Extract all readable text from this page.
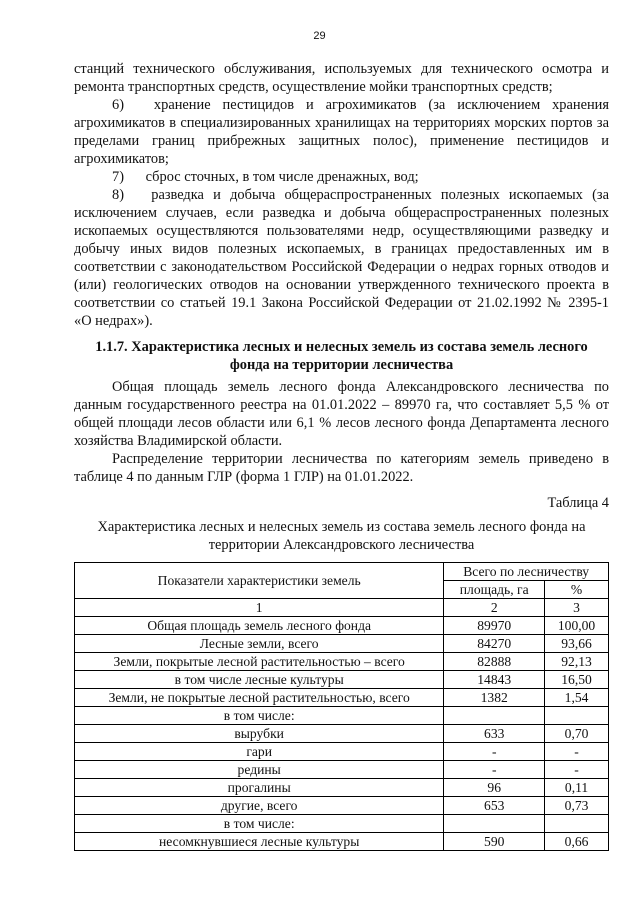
29

станций технического обслуживания, используемых для технического осмотра и ремонта транспортных средств, осуществление мойки транспортных средств;

6) хранение пестицидов и агрохимикатов (за исключением хранения агрохимикатов в специализированных хранилищах на территориях морских портов за пределами границ прибрежных защитных полос), применение пестицидов и агрохимикатов;

7) сброс сточных, в том числе дренажных, вод;

8) разведка и добыча общераспространенных полезных ископаемых (за исключением случаев, если разведка и добыча общераспространенных полезных ископаемых осуществляются пользователями недр, осуществляющими разведку и добычу иных видов полезных ископаемых, в границах предоставленных им в соответствии с законодательством Российской Федерации о недрах горных отводов и (или) геологических отводов на основании утвержденного технического проекта в соответствии со статьей 19.1 Закона Российской Федерации от 21.02.1992 № 2395-1 «О недрах»).

1.1.7. Характеристика лесных и нелесных земель из состава земель лесного фонда на территории лесничества

Общая площадь земель лесного фонда Александровского лесничества по данным государственного реестра на 01.01.2022 – 89970 га, что составляет 5,5 % от общей площади лесов области или 6,1 % лесов лесного фонда Департамента лесного хозяйства Владимирской области.

Распределение территории лесничества по категориям земель приведено в таблице 4 по данным ГЛР (форма 1 ГЛР) на 01.01.2022.

Таблица 4
Характеристика лесных и нелесных земель из состава земель лесного фонда на территории Александровского лесничества
Показатели характеристики земель	Всего по лесничеству	
	площадь, га	%
1	2	3
Общая площадь земель лесного фонда	89970	100,00
Лесные земли, всего	84270	93,66
Земли, покрытые лесной растительностью – всего	82888	92,13
в том числе лесные культуры	14843	16,50
Земли, не покрытые лесной растительностью, всего	1382	1,54
в том числе:		
вырубки	633	0,70
гари	-	-
редины	-	-
прогалины	96	0,11
другие, всего	653	0,73
в том числе:		
несомкнувшиеся лесные культуры	590	0,66
